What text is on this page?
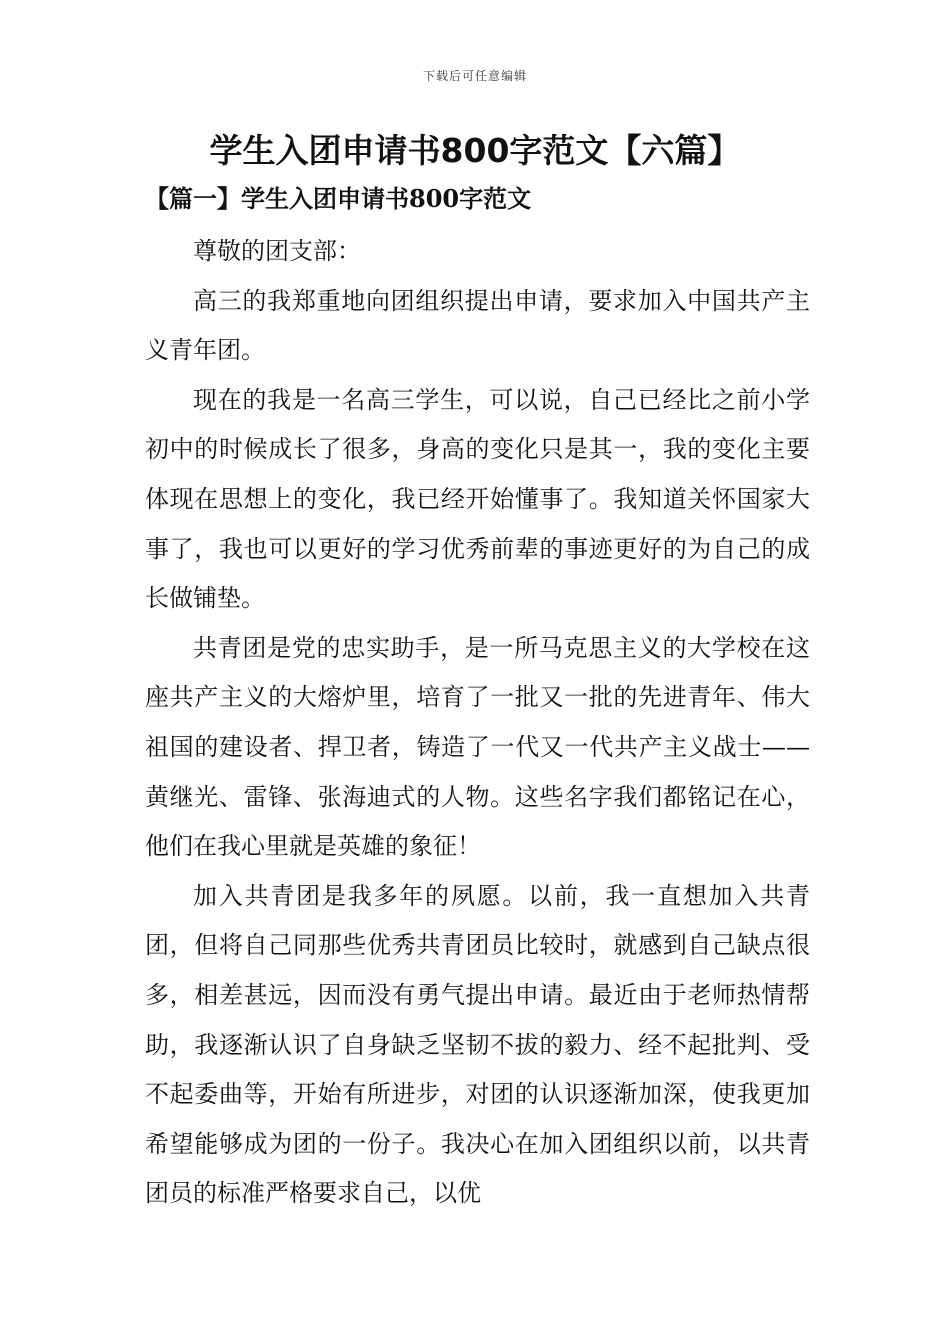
下载后可任意编辑
学生入团申请书800字范文【六篇】
【篇一】学生入团申请书800字范文

尊敬的团支部：

高三的我郑重地向团组织提出申请，要求加入中国共产主义青年团。

现在的我是一名高三学生，可以说，自己已经比之前小学初中的时候成长了很多，身高的变化只是其一，我的变化主要体现在思想上的变化，我已经开始懂事了。我知道关怀国家大事了，我也可以更好的学习优秀前辈的事迹更好的为自己的成长做铺垫。

共青团是党的忠实助手，是一所马克思主义的大学校在这座共产主义的大熔炉里，培育了一批又一批的先进青年、伟大祖国的建设者、捍卫者，铸造了一代又一代共产主义战士——黄继光、雷锋、张海迪式的人物。这些名字我们都铭记在心，他们在我心里就是英雄的象征！

加入共青团是我多年的夙愿。以前，我一直想加入共青团，但将自己同那些优秀共青团员比较时，就感到自己缺点很多，相差甚远，因而没有勇气提出申请。最近由于老师热情帮助，我逐渐认识了自身缺乏坚韧不拔的毅力、经不起批判、受不起委曲等，开始有所进步，对团的认识逐渐加深，使我更加希望能够成为团的一份子。我决心在加入团组织以前，以共青团员的标准严格要求自己，以优
